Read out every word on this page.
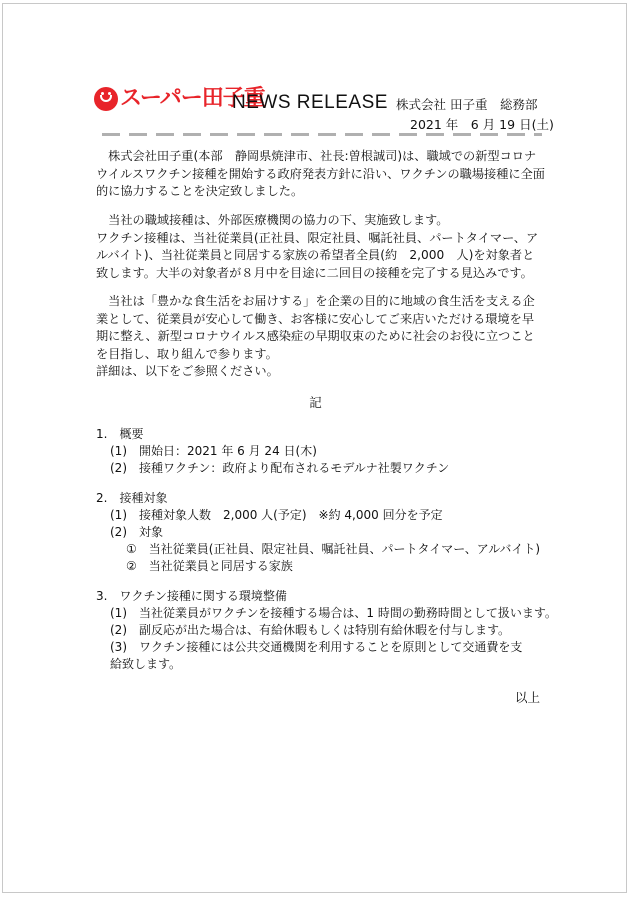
スーパー田子重
NEWS RELEASE 株式会社 田子重　総務部
2021 年　6 月 19 日(土)

　株式会社田子重(本部　静岡県焼津市、社長:曽根誠司)は、職域での新型コロナウイルスワクチン接種を開始する政府発表方針に沿い、ワクチンの職場接種に全面的に協力することを決定致しました。

　当社の職域接種は、外部医療機関の協力の下、実施致します。
ワクチン接種は、当社従業員(正社員、限定社員、嘱託社員、パートタイマー、アルバイト)、当社従業員と同居する家族の希望者全員(約　2,000　人)を対象者と致します。大半の対象者が８月中を目途に二回目の接種を完了する見込みです。

　当社は「豊かな食生活をお届けする」を企業の目的に地域の食生活を支える企業として、従業員が安心して働き、お客様に安心してご来店いただける環境を早期に整え、新型コロナウイルス感染症の早期収束のために社会のお役に立つことを目指し、取り組んで参ります。
詳細は、以下をご参照ください。

記
1.　概要
(1)　開始日：2021 年 6 月 24 日(木)
(2)　接種ワクチン：政府より配布されるモデルナ社製ワクチン
2.　接種対象
(1)　接種対象人数　2,000 人(予定)　※約 4,000 回分を予定
(2)　対象
①　当社従業員(正社員、限定社員、嘱託社員、パートタイマー、アルバイト)
②　当社従業員と同居する家族
3.　ワクチン接種に関する環境整備
(1)　当社従業員がワクチンを接種する場合は、1 時間の勤務時間として扱います。
(2)　副反応が出た場合は、有給休暇もしくは特別有給休暇を付与します。
(3)　ワクチン接種には公共交通機関を利用することを原則として交通費を支給致します。
以上
